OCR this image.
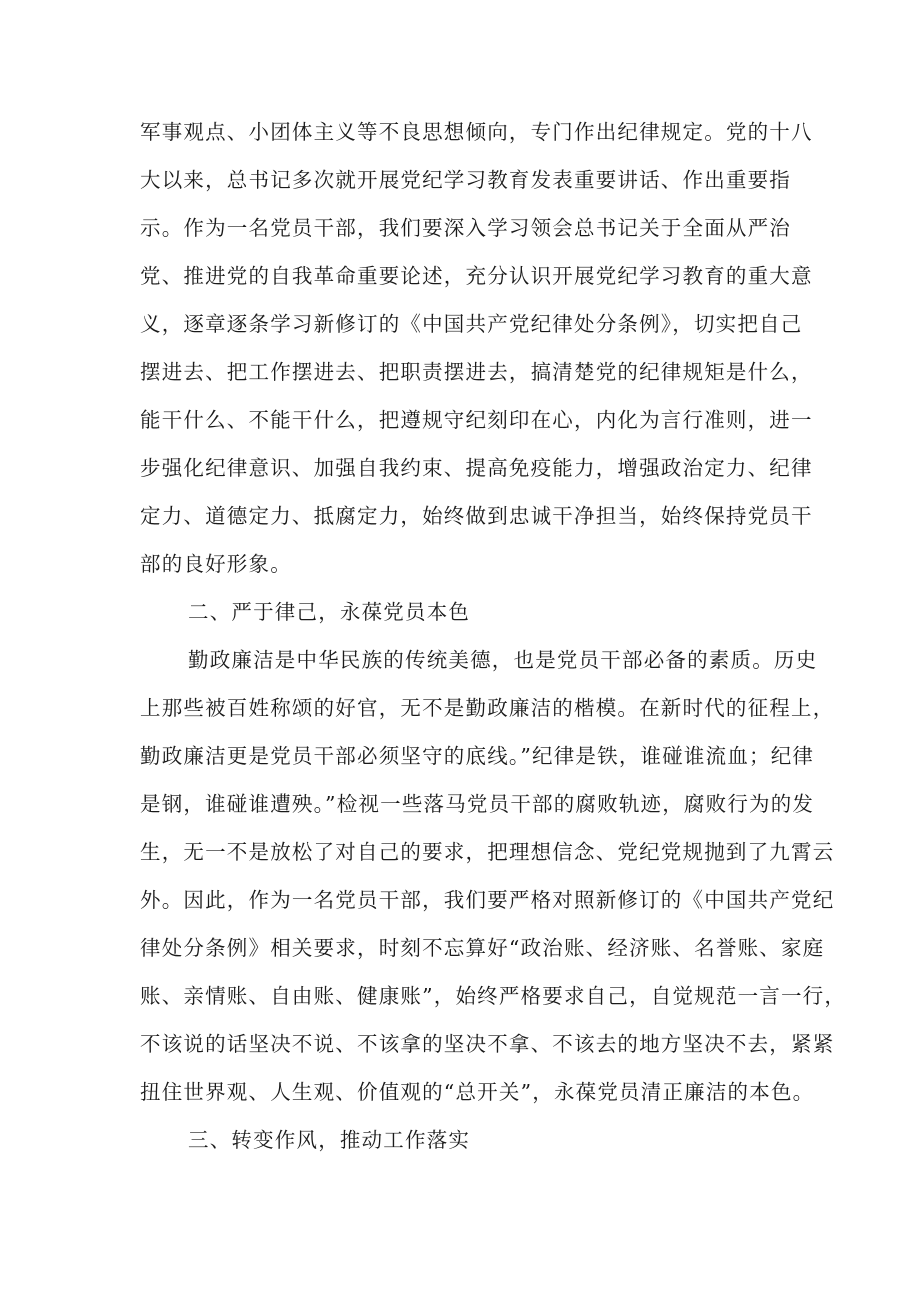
军事观点、小团体主义等不良思想倾向，专门作出纪律规定。党的十八
大以来，总书记多次就开展党纪学习教育发表重要讲话、作出重要指
示。作为一名党员干部，我们要深入学习领会总书记关于全面从严治
党、推进党的自我革命重要论述，充分认识开展党纪学习教育的重大意
义，逐章逐条学习新修订的《中国共产党纪律处分条例》，切实把自己
摆进去、把工作摆进去、把职责摆进去，搞清楚党的纪律规矩是什么，
能干什么、不能干什么，把遵规守纪刻印在心，内化为言行准则，进一
步强化纪律意识、加强自我约束、提高免疫能力，增强政治定力、纪律
定力、道德定力、抵腐定力，始终做到忠诚干净担当，始终保持党员干
部的良好形象。
二、严于律己，永葆党员本色
勤政廉洁是中华民族的传统美德，也是党员干部必备的素质。历史
上那些被百姓称颂的好官，无不是勤政廉洁的楷模。在新时代的征程上，
勤政廉洁更是党员干部必须坚守的底线。”纪律是铁，谁碰谁流血；纪律
是钢，谁碰谁遭殃。”检视一些落马党员干部的腐败轨迹，腐败行为的发
生，无一不是放松了对自己的要求，把理想信念、党纪党规抛到了九霄云
外。因此，作为一名党员干部，我们要严格对照新修订的《中国共产党纪
律处分条例》相关要求，时刻不忘算好“政治账、经济账、名誉账、家庭
账、亲情账、自由账、健康账”，始终严格要求自己，自觉规范一言一行，
不该说的话坚决不说、不该拿的坚决不拿、不该去的地方坚决不去，紧紧
扭住世界观、人生观、价值观的“总开关”，永葆党员清正廉洁的本色。
三、转变作风，推动工作落实
